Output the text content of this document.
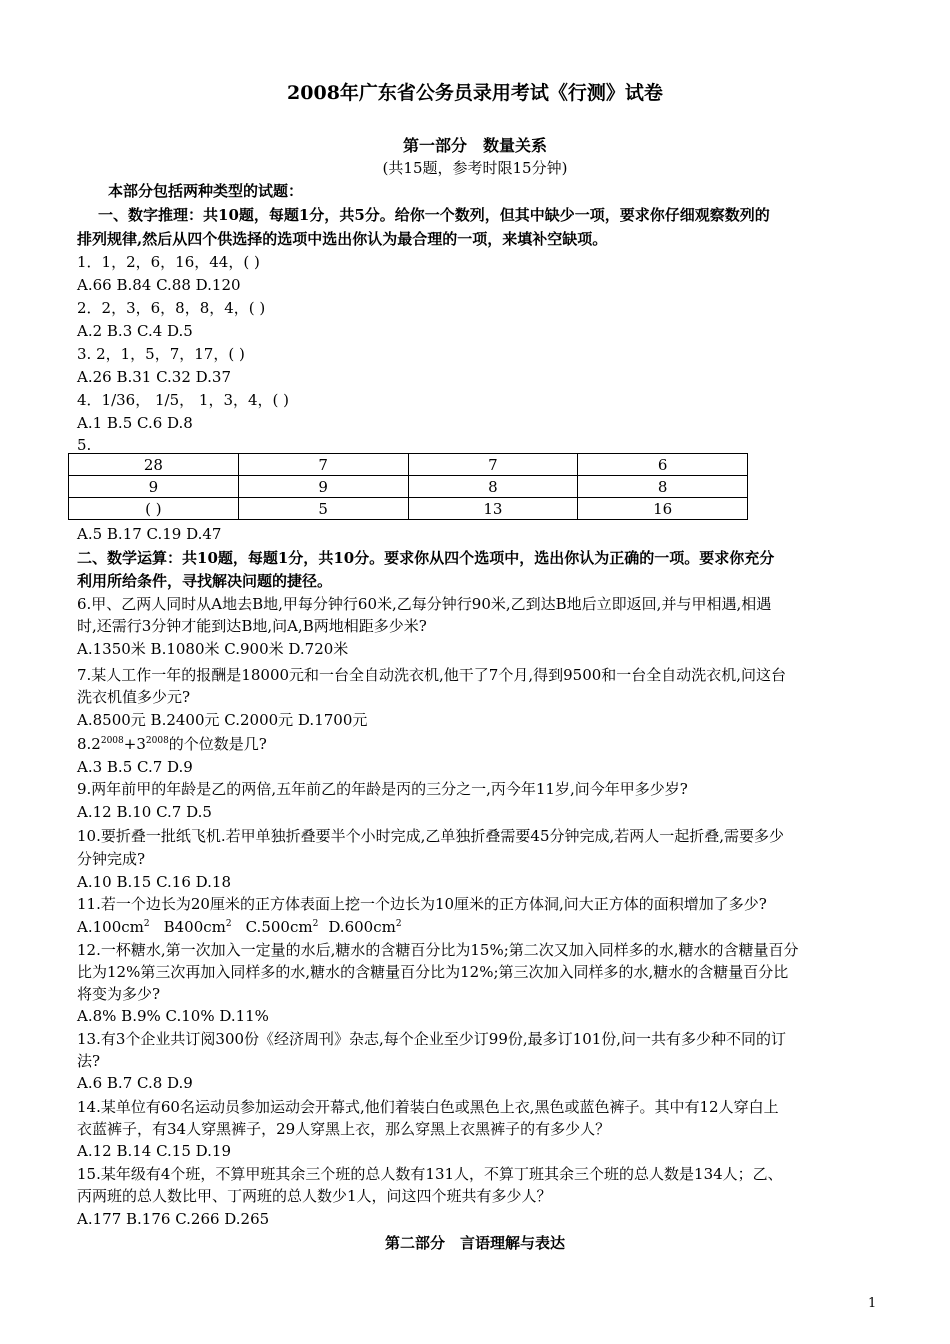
2008年广东省公务员录用考试《行测》试卷
第一部分　数量关系
(共15题，参考时限15分钟)
本部分包括两种类型的试题：
一、数字推理：共10题，每题1分，共5分。给你一个数列，但其中缺少一项，要求你仔细观察数列的
排列规律,然后从四个供选择的选项中选出你认为最合理的一项，来填补空缺项。
1．1，2，6，16，44，( )
A.66 B.84 C.88 D.120
2．2，3，6，8，8，4，( )
A.2 B.3 C.4 D.5
3. 2，1，5，7，17，( )
A.26 B.31 C.32 D.37
4．1/36， 1/5， 1，3，4，( )
A.1 B.5 C.6 D.8
5.
28	7	7	6
9	9	8	8
( )	5	13	16
A.5 B.17 C.19 D.47
二、数学运算：共10题，每题1分，共10分。要求你从四个选项中，选出你认为正确的一项。要求你充分
利用所给条件，寻找解决问题的捷径。
6.甲、乙两人同时从A地去B地,甲每分钟行60米,乙每分钟行90米,乙到达B地后立即返回,并与甲相遇,相遇
时,还需行3分钟才能到达B地,问A,B两地相距多少米?
A.1350米 B.1080米 C.900米 D.720米
7.某人工作一年的报酬是18000元和一台全自动洗衣机,他干了7个月,得到9500和一台全自动洗衣机,问这台
洗衣机值多少元?
A.8500元 B.2400元 C.2000元 D.1700元
$8.2^{2008}+3^{2008}$的个位数是几?
A.3 B.5 C.7 D.9
9.两年前甲的年龄是乙的两倍,五年前乙的年龄是丙的三分之一,丙今年11岁,问今年甲多少岁?
A.12 B.10 C.7 D.5
10.要折叠一批纸飞机.若甲单独折叠要半个小时完成,乙单独折叠需要45分钟完成,若两人一起折叠,需要多少
分钟完成?
A.10 B.15 C.16 D.18
11.若一个边长为20厘米的正方体表面上挖一个边长为10厘米的正方体洞,问大正方体的面积增加了多少?
$A.100cm^2$ $B400cm^2$ $C.500cm^2$ $D.600cm^2$
12.一杯糖水,第一次加入一定量的水后,糖水的含糖百分比为15%;第二次又加入同样多的水,糖水的含糖量百分
比为12%第三次再加入同样多的水,糖水的含糖量百分比为12%;第三次加入同样多的水,糖水的含糖量百分比
将变为多少?
A.8% B.9% C.10% D.11%
13.有3个企业共订阅300份《经济周刊》杂志,每个企业至少订99份,最多订101份,问一共有多少种不同的订
法?
A.6 B.7 C.8 D.9
14.某单位有60名运动员参加运动会开幕式,他们着装白色或黑色上衣,黑色或蓝色裤子。其中有12人穿白上
衣蓝裤子，有34人穿黑裤子，29人穿黑上衣，那么穿黑上衣黑裤子的有多少人？
A.12 B.14 C.15 D.19
15.某年级有4个班，不算甲班其余三个班的总人数有131人，不算丁班其余三个班的总人数是134人；乙、
丙两班的总人数比甲、丁两班的总人数少1人，问这四个班共有多少人？
A.177 B.176 C.266 D.265
第二部分　言语理解与表达
1
